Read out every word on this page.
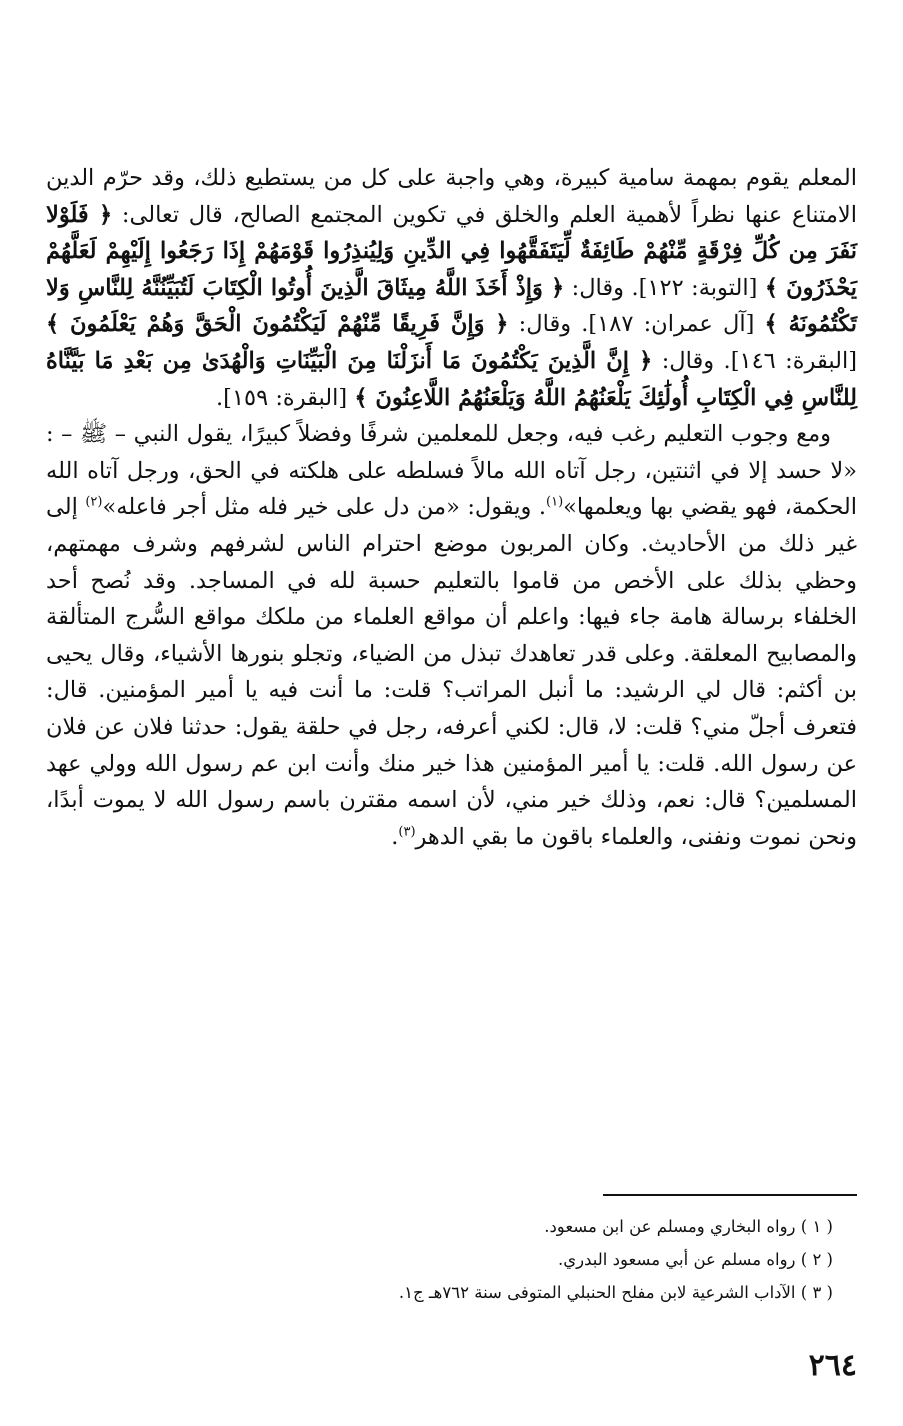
المعلم يقوم بمهمة سامية كبيرة، وهي واجبة على كل من يستطيع ذلك، وقد حرّم الدين الامتناع عنها نظراً لأهمية العلم والخلق في تكوين المجتمع الصالح، قال تعالى: ﴿ فَلَوْلا نَفَرَ مِن كُلِّ فِرْقَةٍ مِّنْهُمْ طَائِفَةٌ لِّيَتَفَقَّهُوا فِي الدِّينِ وَلِيُنذِرُوا قَوْمَهُمْ إِذَا رَجَعُوا إِلَيْهِمْ لَعَلَّهُمْ يَحْذَرُونَ ﴾ [التوبة: ١٢٢]. وقال: ﴿ وَإِذْ أَخَذَ اللَّهُ مِيثَاقَ الَّذِينَ أُوتُوا الْكِتَابَ لَتُبَيِّنُنَّهُ لِلنَّاسِ وَلا تَكْتُمُونَهُ ﴾ [آل عمران: ١٨٧]. وقال: ﴿ وَإِنَّ فَرِيقًا مِّنْهُمْ لَيَكْتُمُونَ الْحَقَّ وَهُمْ يَعْلَمُونَ ﴾ [البقرة: ١٤٦]. وقال: ﴿ إِنَّ الَّذِينَ يَكْتُمُونَ مَا أَنزَلْنَا مِنَ الْبَيِّنَاتِ وَالْهُدَىٰ مِن بَعْدِ مَا بَيَّنَّاهُ لِلنَّاسِ فِي الْكِتَابِ أُولَٰئِكَ يَلْعَنُهُمُ اللَّهُ وَيَلْعَنُهُمُ اللَّاعِنُونَ ﴾ [البقرة: ١٥٩].

ومع وجوب التعليم رغب فيه، وجعل للمعلمين شرفًا وفضلاً كبيرًا، يقول النبي – ﷺ – : «لا حسد إلا في اثنتين، رجل آتاه الله مالاً فسلطه على هلكته في الحق، ورجل آتاه الله الحكمة، فهو يقضي بها ويعلمها»$^{(١)}$. ويقول: «من دل على خير فله مثل أجر فاعله»$^{(٢)}$ إلى غير ذلك من الأحاديث. وكان المربون موضع احترام الناس لشرفهم وشرف مهمتهم، وحظي بذلك على الأخص من قاموا بالتعليم حسبة لله في المساجد. وقد نُصح أحد الخلفاء برسالة هامة جاء فيها: واعلم أن مواقع العلماء من ملكك مواقع السُّرج المتألقة والمصابيح المعلقة. وعلى قدر تعاهدك تبذل من الضياء، وتجلو بنورها الأشياء، وقال يحيى بن أكثم: قال لي الرشيد: ما أنبل المراتب؟ قلت: ما أنت فيه يا أمير المؤمنين. قال: فتعرف أجلّ مني؟ قلت: لا، قال: لكني أعرفه، رجل في حلقة يقول: حدثنا فلان عن فلان عن رسول الله. قلت: يا أمير المؤمنين هذا خير منك وأنت ابن عم رسول الله وولي عهد المسلمين؟ قال: نعم، وذلك خير مني، لأن اسمه مقترن باسم رسول الله لا يموت أبدًا، ونحن نموت ونفنى، والعلماء باقون ما بقي الدهر$^{(٣)}$.

( ١ ) رواه البخاري ومسلم عن ابن مسعود.
( ٢ ) رواه مسلم عن أبي مسعود البدري.
( ٣ ) الآداب الشرعية لابن مفلح الحنبلي المتوفى سنة ٧٦٢هـ ج١.
٢٦٤
